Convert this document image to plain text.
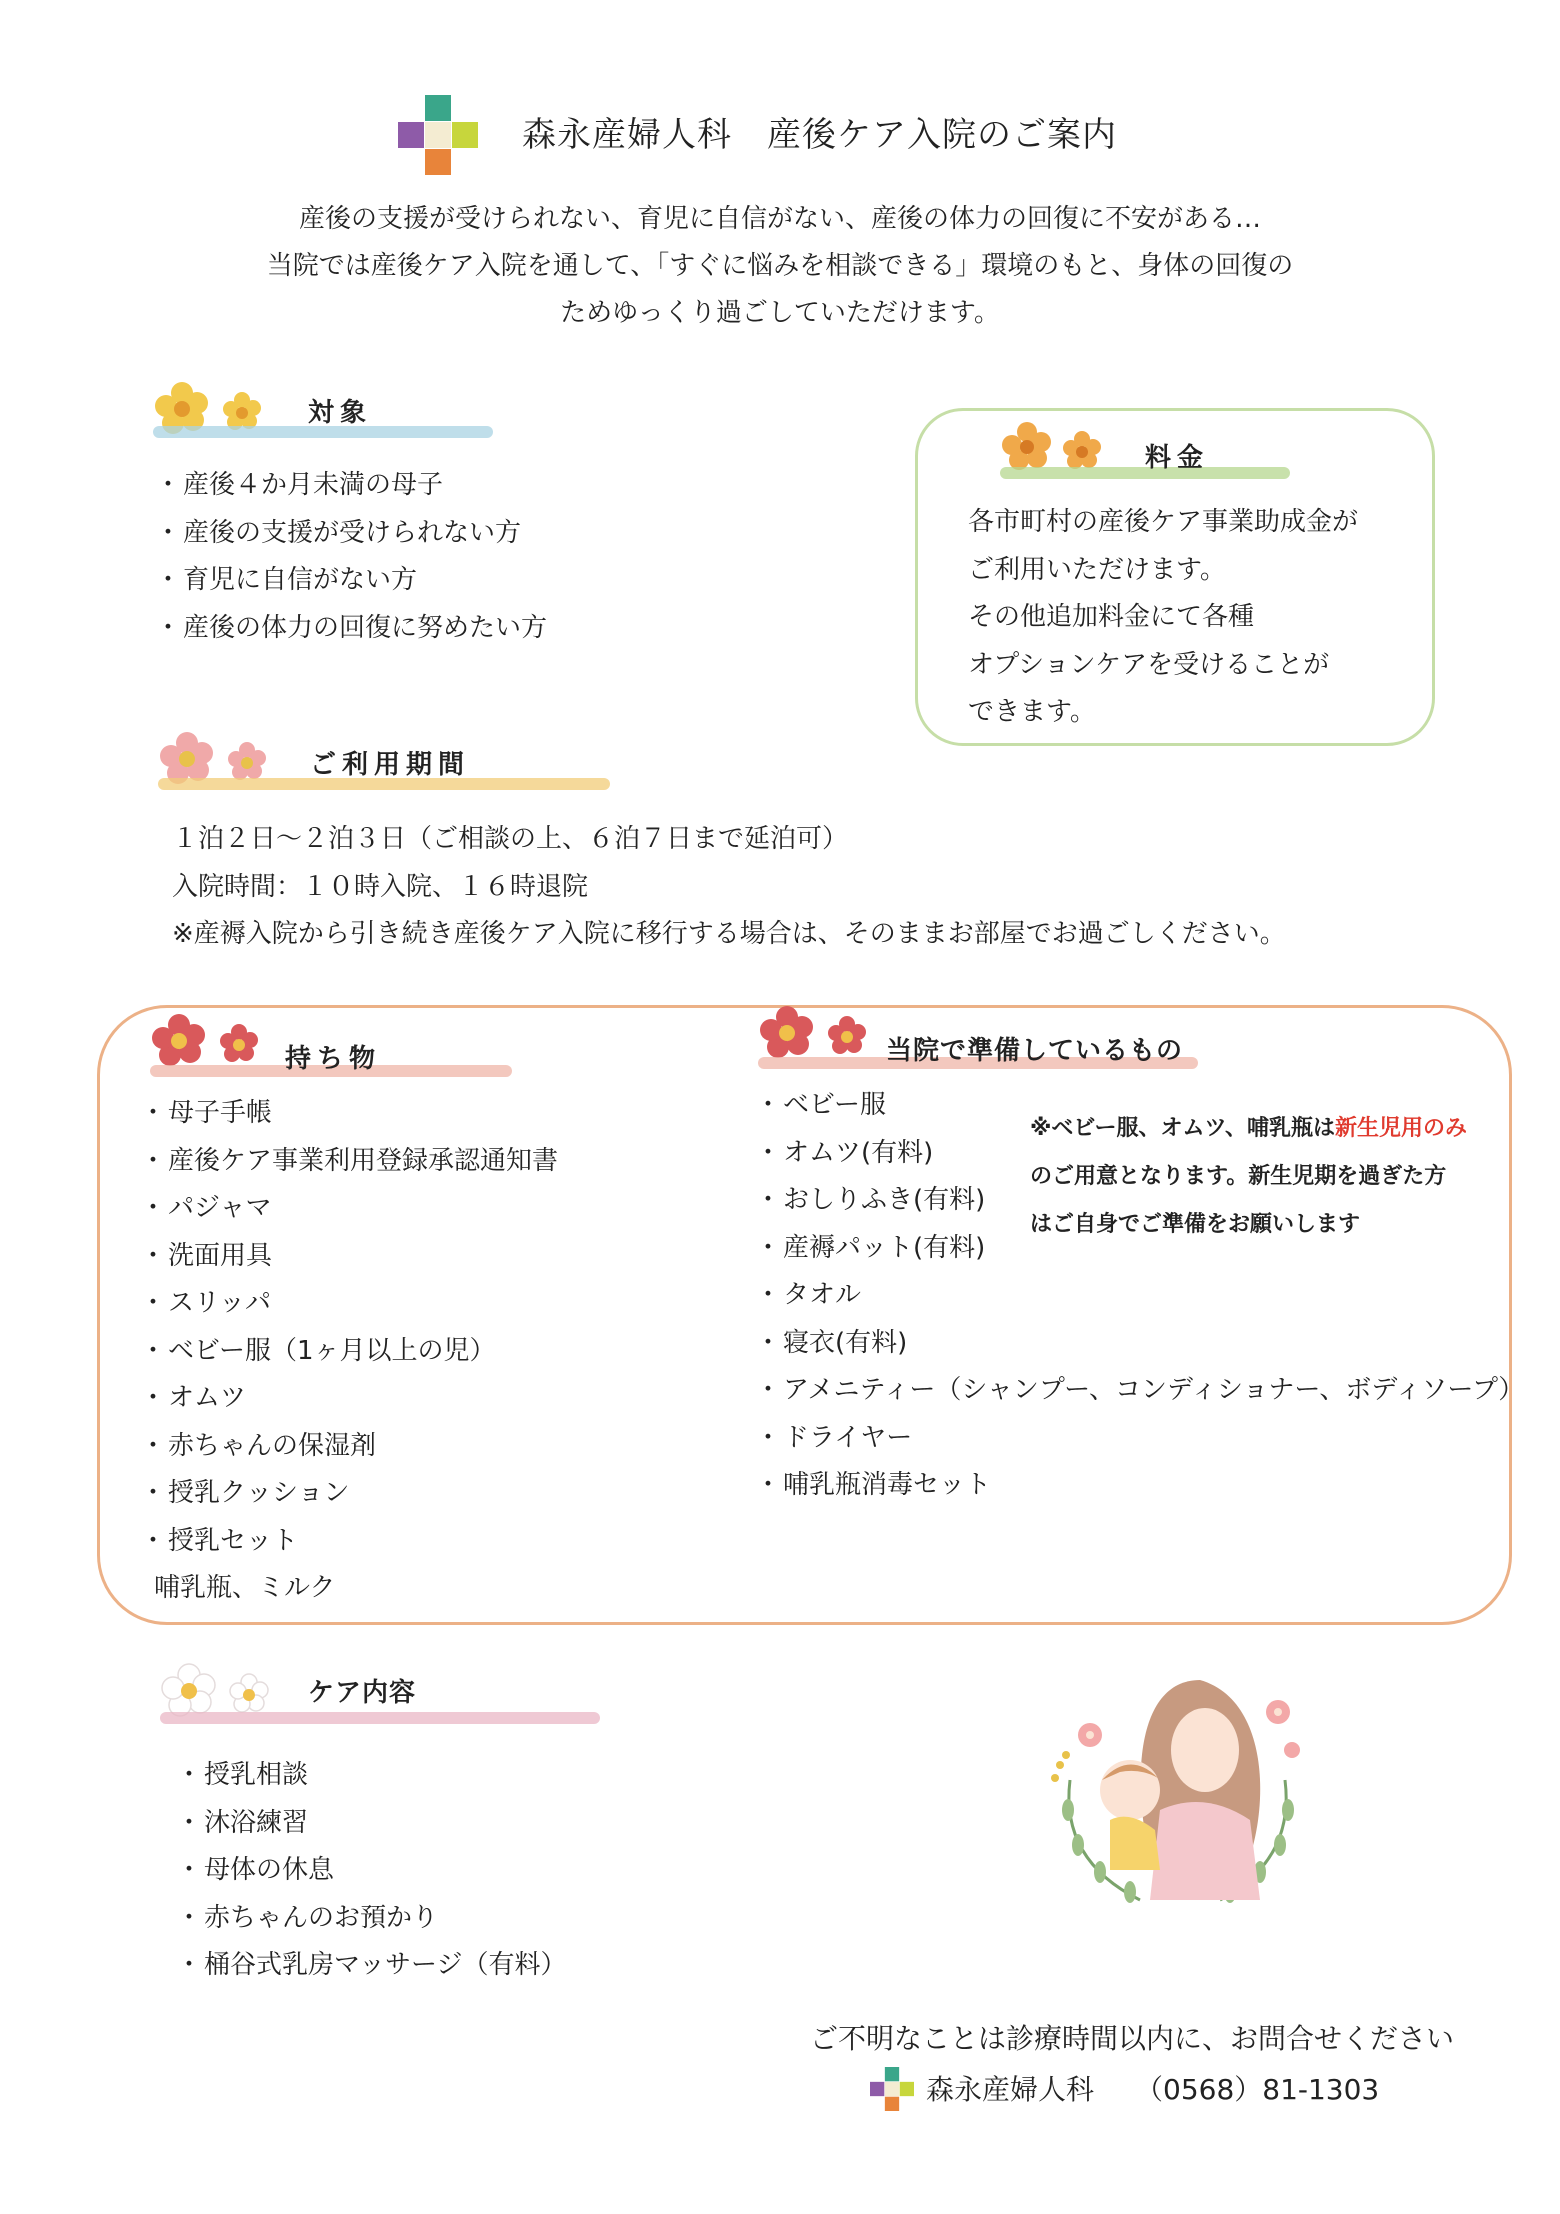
森永産婦人科　産後ケア入院のご案内
産後の支援が受けられない、育児に自信がない、産後の体力の回復に不安がある…
当院では産後ケア入院を通して、「すぐに悩みを相談できる」環境のもと、身体の回復の
ためゆっくり過ごしていただけます。
対象
・ 産後４か月未満の母子
・ 産後の支援が受けられない方
・ 育児に自信がない方
・ 産後の体力の回復に努めたい方
料金
各市町村の産後ケア事業助成金が
ご利用いただけます。
その他追加料金にて各種
オプションケアを受けることが
できます。
ご利用期間
１泊２日～２泊３日（ご相談の上、６泊７日まで延泊可）
入院時間：１０時入院、１６時退院
※産褥入院から引き続き産後ケア入院に移行する場合は、そのままお部屋でお過ごしください。
持ち物
・ 母子手帳
・ 産後ケア事業利用登録承認通知書
・ パジャマ
・ 洗面用具
・ スリッパ
・ ベビー服（1ヶ月以上の児）
・ オムツ
・ 赤ちゃんの保湿剤
・ 授乳クッション
・ 授乳セット
哺乳瓶、ミルク
当院で準備しているもの
・ ベビー服
・ オムツ(有料)
・ おしりふき(有料)
・ 産褥パット(有料)
・ タオル
・ 寝衣(有料)
・ アメニティー（シャンプー、コンディショナー、ボディソープ）
・ ドライヤー
・ 哺乳瓶消毒セット
※ベビー服、オムツ、哺乳瓶は新生児用のみ
のご用意となります。新生児期を過ぎた方
はご自身でご準備をお願いします
ケア内容
・ 授乳相談
・ 沐浴練習
・ 母体の休息
・ 赤ちゃんのお預かり
・ 桶谷式乳房マッサージ（有料）
ご不明なことは診療時間以内に、お問合せください
森永産婦人科 （0568）81-1303
